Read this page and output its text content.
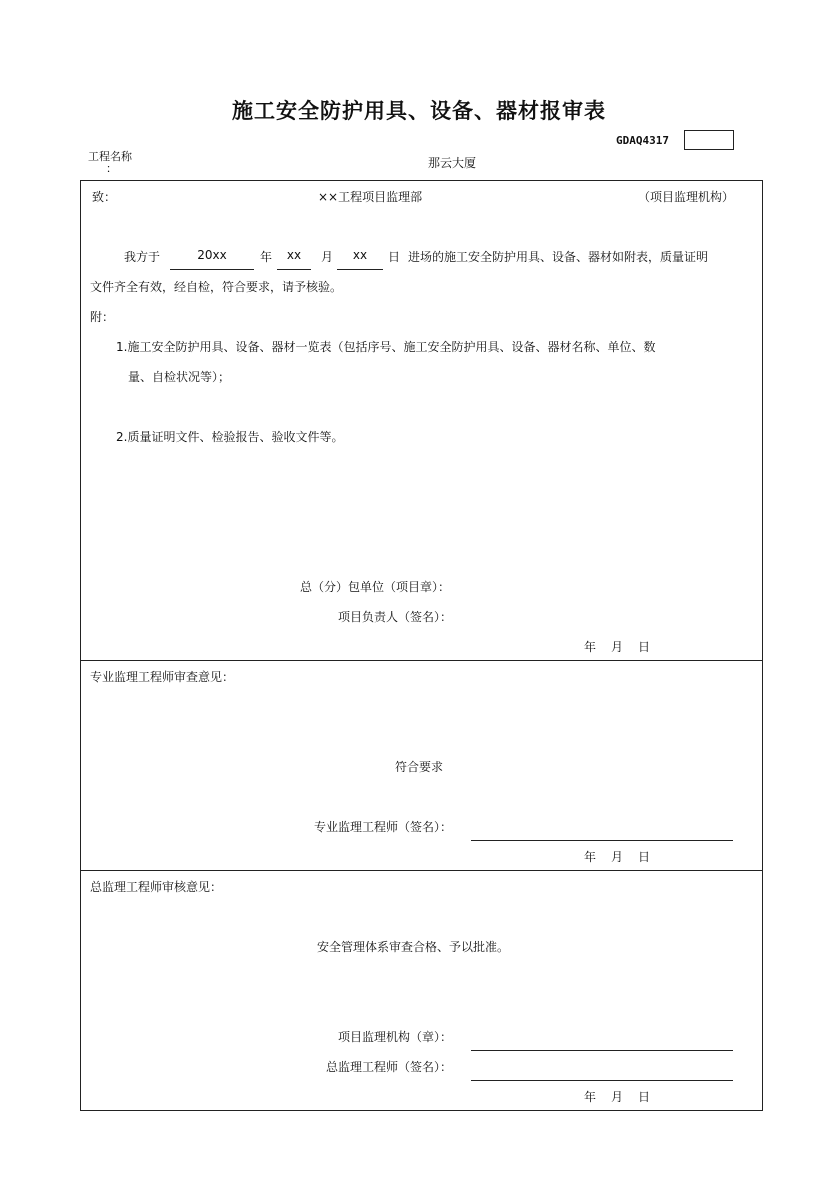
施工安全防护用具、设备、器材报审表
GDAQ4317
工程名称
：	那云大厦
致：	××工程项目监理部	（项目监理机构）
我方于	20xx	年	xx	月	xx	日 进场的施工安全防护用具、设备、器材如附表，质量证明
文件齐全有效，经自检，符合要求，请予核验。
附：
1.施工安全防护用具、设备、器材一览表（包括序号、施工安全防护用具、设备、器材名称、单位、数
量、自检状况等）；
2.质量证明文件、检验报告、验收文件等。
总（分）包单位（项目章）：
项目负责人（签名）：
年 月 日
专业监理工程师审查意见：
符合要求
专业监理工程师（签名）：
年 月 日
总监理工程师审核意见：
安全管理体系审查合格、予以批准。
项目监理机构（章）：
总监理工程师（签名）：
年 月 日
